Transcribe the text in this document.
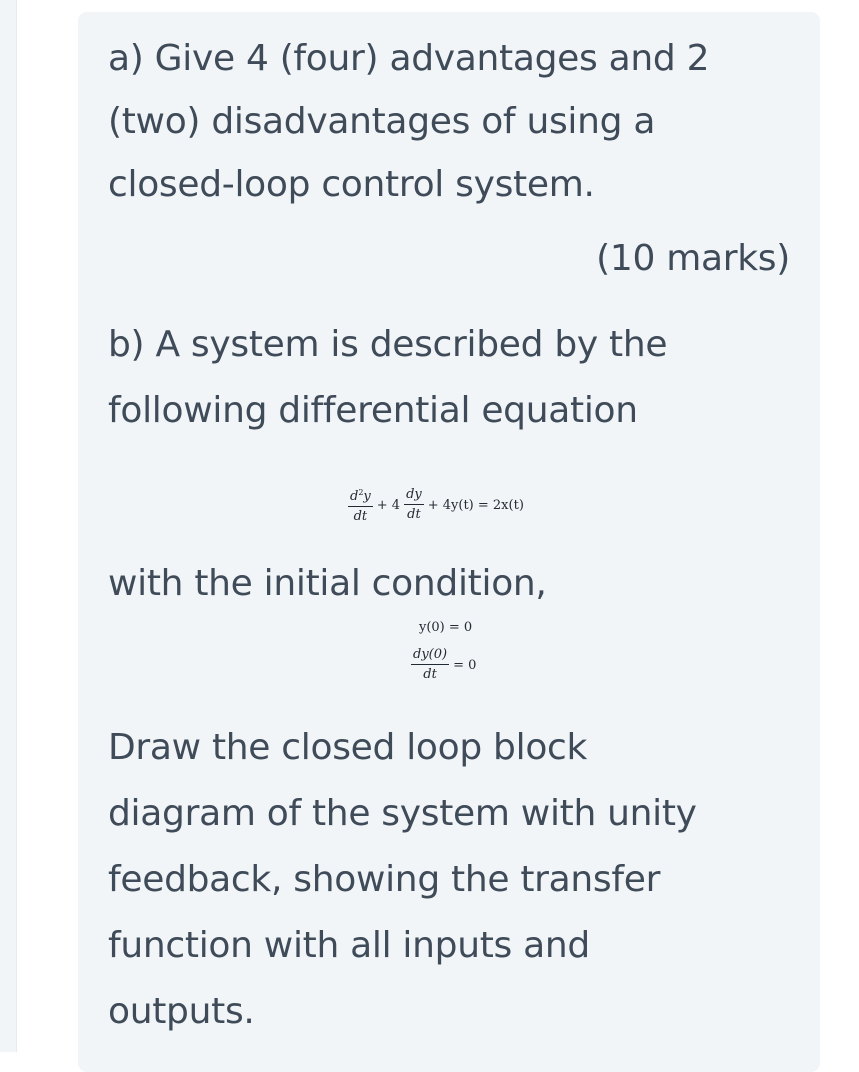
a) Give 4 (four) advantages and 2
(two) disadvantages of using a
closed-loop control system.
(10 marks)
b) A system is described by the
following differential equation
$\frac{d^2y}{dt} + 4 \frac{dy}{dt} + 4y(t) = 2x(t)$
with the initial condition,
y(0) = 0
$\frac{dy(0)}{dt} = 0$
Draw the closed loop block
diagram of the system with unity
feedback, showing the transfer
function with all inputs and
outputs.
